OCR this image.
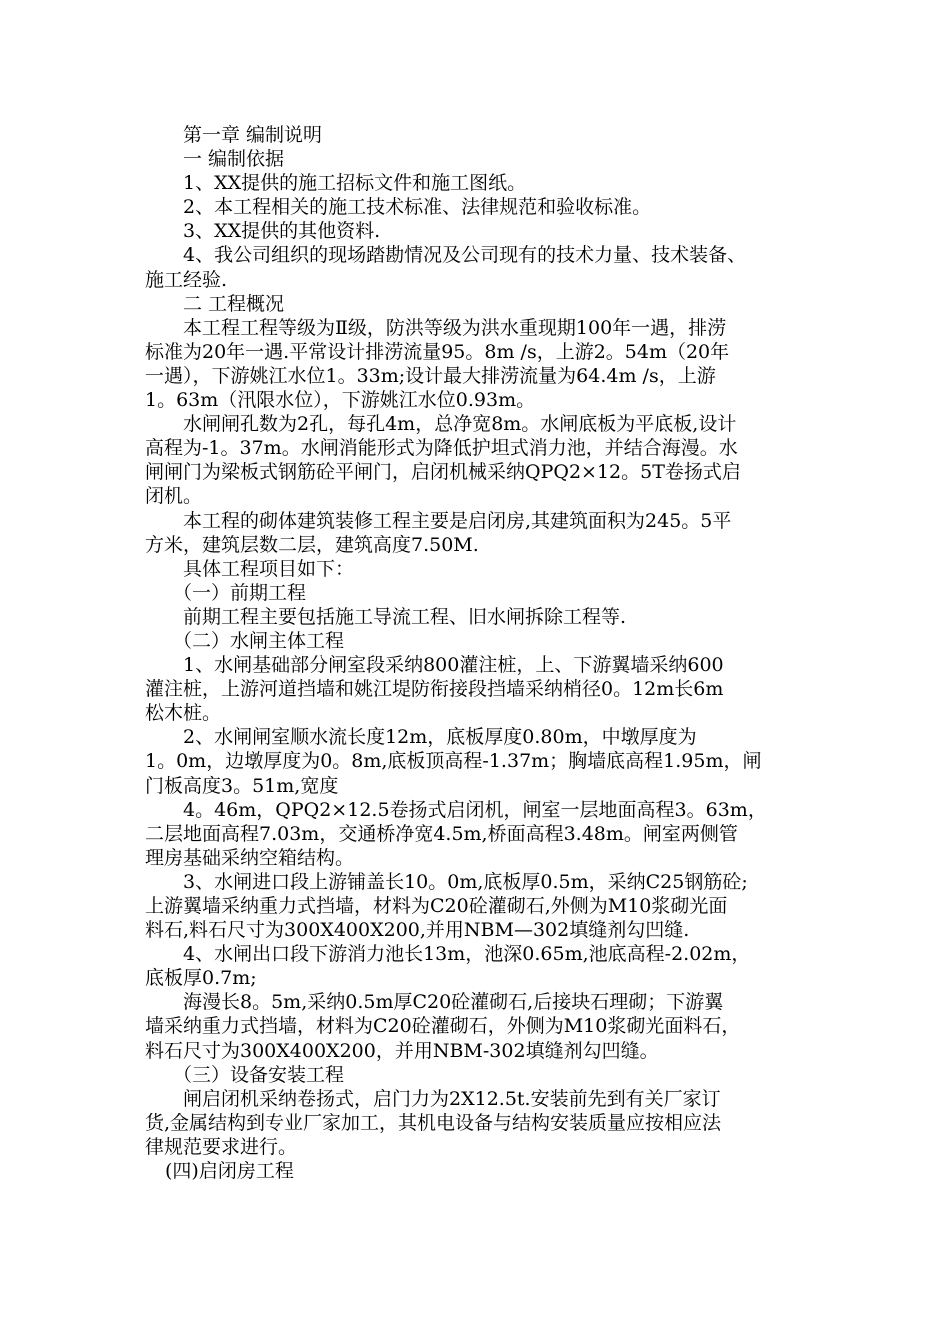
第一章 编制说明

一 编制依据

1、XX提供的施工招标文件和施工图纸。

2、本工程相关的施工技术标准、法律规范和验收标准。

3、XX提供的其他资料.

4、我公司组织的现场踏勘情况及公司现有的技术力量、技术装备、

施工经验.

二 工程概况

本工程工程等级为Ⅱ级，防洪等级为洪水重现期100年一遇，排涝
标准为20年一遇.平常设计排涝流量95。8m /s，上游2。54m（20年
一遇），下游姚江水位1。33m;设计最大排涝流量为64.4m /s，上游
1。63m（汛限水位），下游姚江水位0.93m。
水闸闸孔数为2孔，每孔4m，总净宽8m。水闸底板为平底板,设计
高程为-1。37m。水闸消能形式为降低护坦式消力池，并结合海漫。水
闸闸门为梁板式钢筋砼平闸门，启闭机械采纳QPQ2×12。5T卷扬式启
闭机。
本工程的砌体建筑装修工程主要是启闭房,其建筑面积为245。5平
方米，建筑层数二层，建筑高度7.50M.
具体工程项目如下：

（一）前期工程

前期工程主要包括施工导流工程、旧水闸拆除工程等.

（二）水闸主体工程

1、水闸基础部分闸室段采纳800灌注桩，上、下游翼墙采纳600
灌注桩，上游河道挡墙和姚江堤防衔接段挡墙采纳梢径0。12m长6m
松木桩。
2、水闸闸室顺水流长度12m，底板厚度0.80m，中墩厚度为
1。0m，边墩厚度为0。8m,底板顶高程-1.37m；胸墙底高程1.95m，闸
门板高度3。51m,宽度
4。46m，QPQ2×12.5卷扬式启闭机，闸室一层地面高程3。63m，
二层地面高程7.03m，交通桥净宽4.5m,桥面高程3.48m。闸室两侧管
理房基础采纳空箱结构。
3、水闸进口段上游铺盖长10。0m,底板厚0.5m，采纳C25钢筋砼;
上游翼墙采纳重力式挡墙，材料为C20砼灌砌石,外侧为M10浆砌光面
料石,料石尺寸为300X400X200,并用NBM—302填缝剂勾凹缝.
4、水闸出口段下游消力池长13m，池深0.65m,池底高程-2.02m，
底板厚0.7m;
海漫长8。5m,采纳0.5m厚C20砼灌砌石,后接块石理砌；下游翼
墙采纳重力式挡墙，材料为C20砼灌砌石，外侧为M10浆砌光面料石，
料石尺寸为300X400X200，并用NBM-302填缝剂勾凹缝。

（三）设备安装工程

闸启闭机采纳卷扬式，启门力为2X12.5t.安装前先到有关厂家订
货,金属结构到专业厂家加工，其机电设备与结构安装质量应按相应法
律规范要求进行。

(四)启闭房工程
